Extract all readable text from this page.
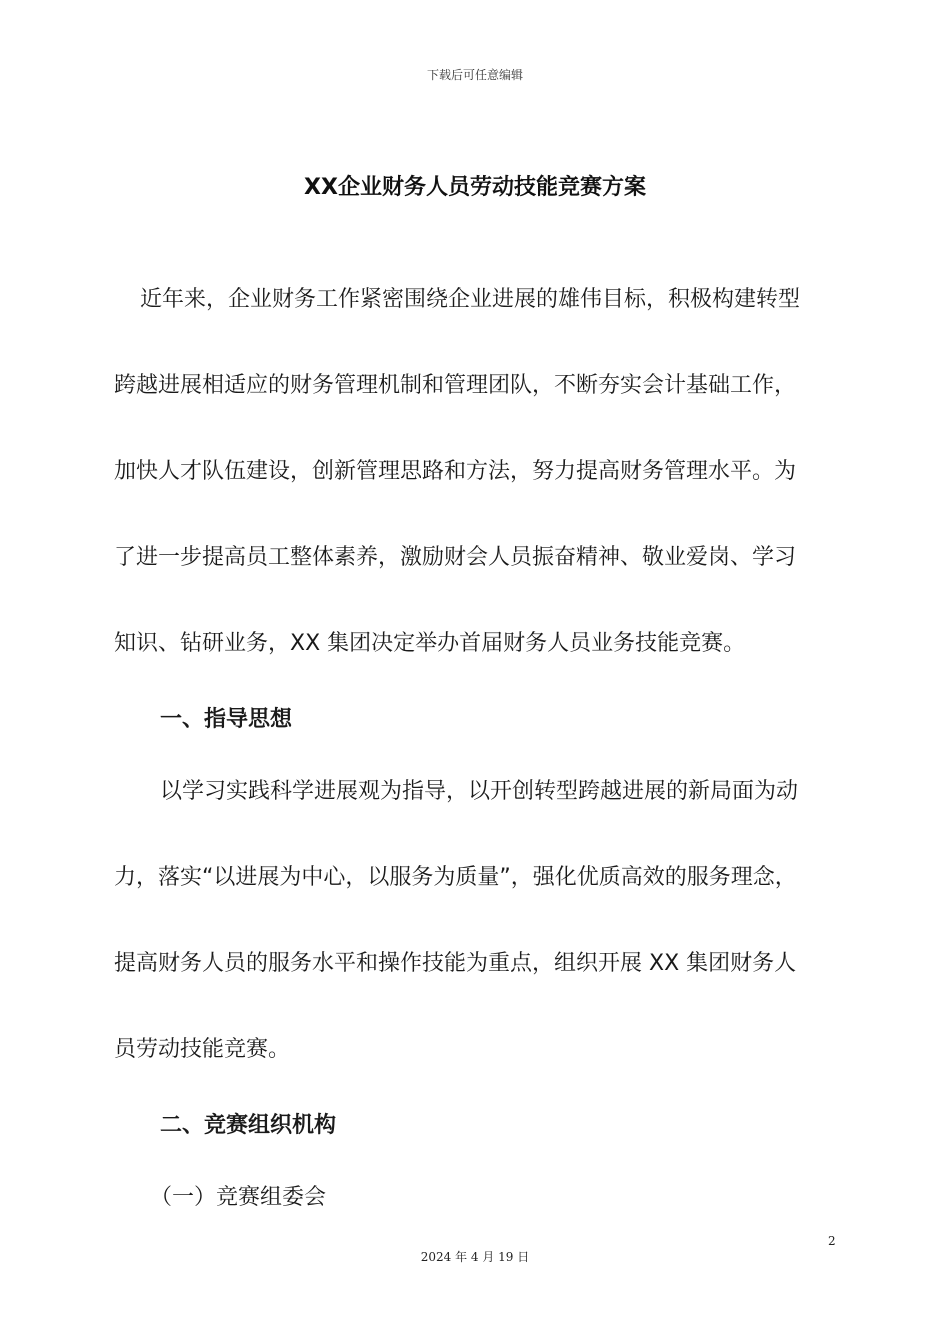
下载后可任意编辑
XX企业财务人员劳动技能竞赛方案
近年来，企业财务工作紧密围绕企业进展的雄伟目标，积极构建转型
跨越进展相适应的财务管理机制和管理团队，不断夯实会计基础工作，
加快人才队伍建设，创新管理思路和方法，努力提高财务管理水平。为
了进一步提高员工整体素养，激励财会人员振奋精神、敬业爱岗、学习
知识、钻研业务，XX 集团决定举办首届财务人员业务技能竞赛。
一、指导思想
以学习实践科学进展观为指导，以开创转型跨越进展的新局面为动
力，落实“以进展为中心，以服务为质量”，强化优质高效的服务理念，
提高财务人员的服务水平和操作技能为重点，组织开展 XX 集团财务人
员劳动技能竞赛。
二、竞赛组织机构
（一）竞赛组委会
2
2024 年 4 月 19 日
